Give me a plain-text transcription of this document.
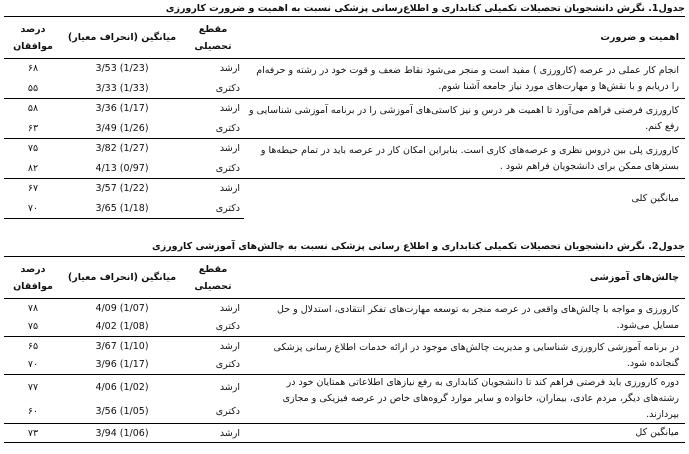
جدول1. نگرش دانشجویان تحصیلات تکمیلی کتابداری و اطلاع‌رسانی پزشکی نسبت به اهمیت و ضرورت کارورزی
اهمیت و ضرورت	مقطع تحصیلی	میانگین (انحراف معیار)	درصد موافقان
انجام کار عملی در عرصه (کارورزی ) مفید است و منجر می‌شود نقاط ضعف و قوت خود در رشته و حرفه‌ام را دریابم و با نقش‌ها و مهارت‌های مورد نیاز جامعه آشنا شوم.	ارشد	3/53 (1/23)	۶۸
	دکتری	3/33 (1/33)	۵۵
کارورزی فرصتی فراهم می‌آورد تا اهمیت هر درس و نیز کاستی‌های آموزشی را در برنامه آموزشی شناسایی و رفع کنم.	ارشد	3/36 (1/17)	۵۸
	دکتری	3/49 (1/26)	۶۳
کارورزی پلی بین دروس نظری و عرصه‌های کاری است. بنابراین امکان کار در عرصه باید در تمام حیطه‌ها و بسترهای ممکن برای دانشجویان فراهم شود .	ارشد	3/82 (1/27)	۷۵
	دکتری	4/13 (0/97)	۸۲
میانگین کلی	ارشد	3/57 (1/22)	۶۷
	دکتری	3/65 (1/18)	۷۰
جدول2. نگرش دانشجویان تحصیلات تکمیلی کتابداری و اطلاع رسانی پزشکی نسبت به چالش‌های آموزشی کارورزی
چالش‌های آموزشی	مقطع تحصیلی	میانگین (انحراف معیار)	درصد موافقان
کارورزی و مواجه با چالش‌های واقعی در عرصه منجر به توسعه مهارت‌های تفکر انتقادی، استدلال و حل مسایل می‌شود.	ارشد	4/09 (1/07)	۷۸
	دکتری	4/02 (1/08)	۷۵
در برنامه آموزشی کارورزی شناسایی و مدیریت چالش‌های موجود در ارائه خدمات اطلاع رسانی پزشکی گنجانده شود.	ارشد	3/67 (1/10)	۶۵
	دکتری	3/96 (1/17)	۷۰
دوره کارورزی باید فرصتی فراهم کند تا دانشجویان کتابداری به رفع نیازهای اطلاعاتی همتایان خود در رشته‌های دیگر، مردم عادی، بیماران، خانواده و سایر موارد گروه‌های خاص در عرصه فیزیکی و مجازی بپردازند.	ارشد	4/06 (1/02)	۷۷
	دکتری	3/56 (1/05)	۶۰
میانگین کل	ارشد	3/94 (1/06)	۷۳
